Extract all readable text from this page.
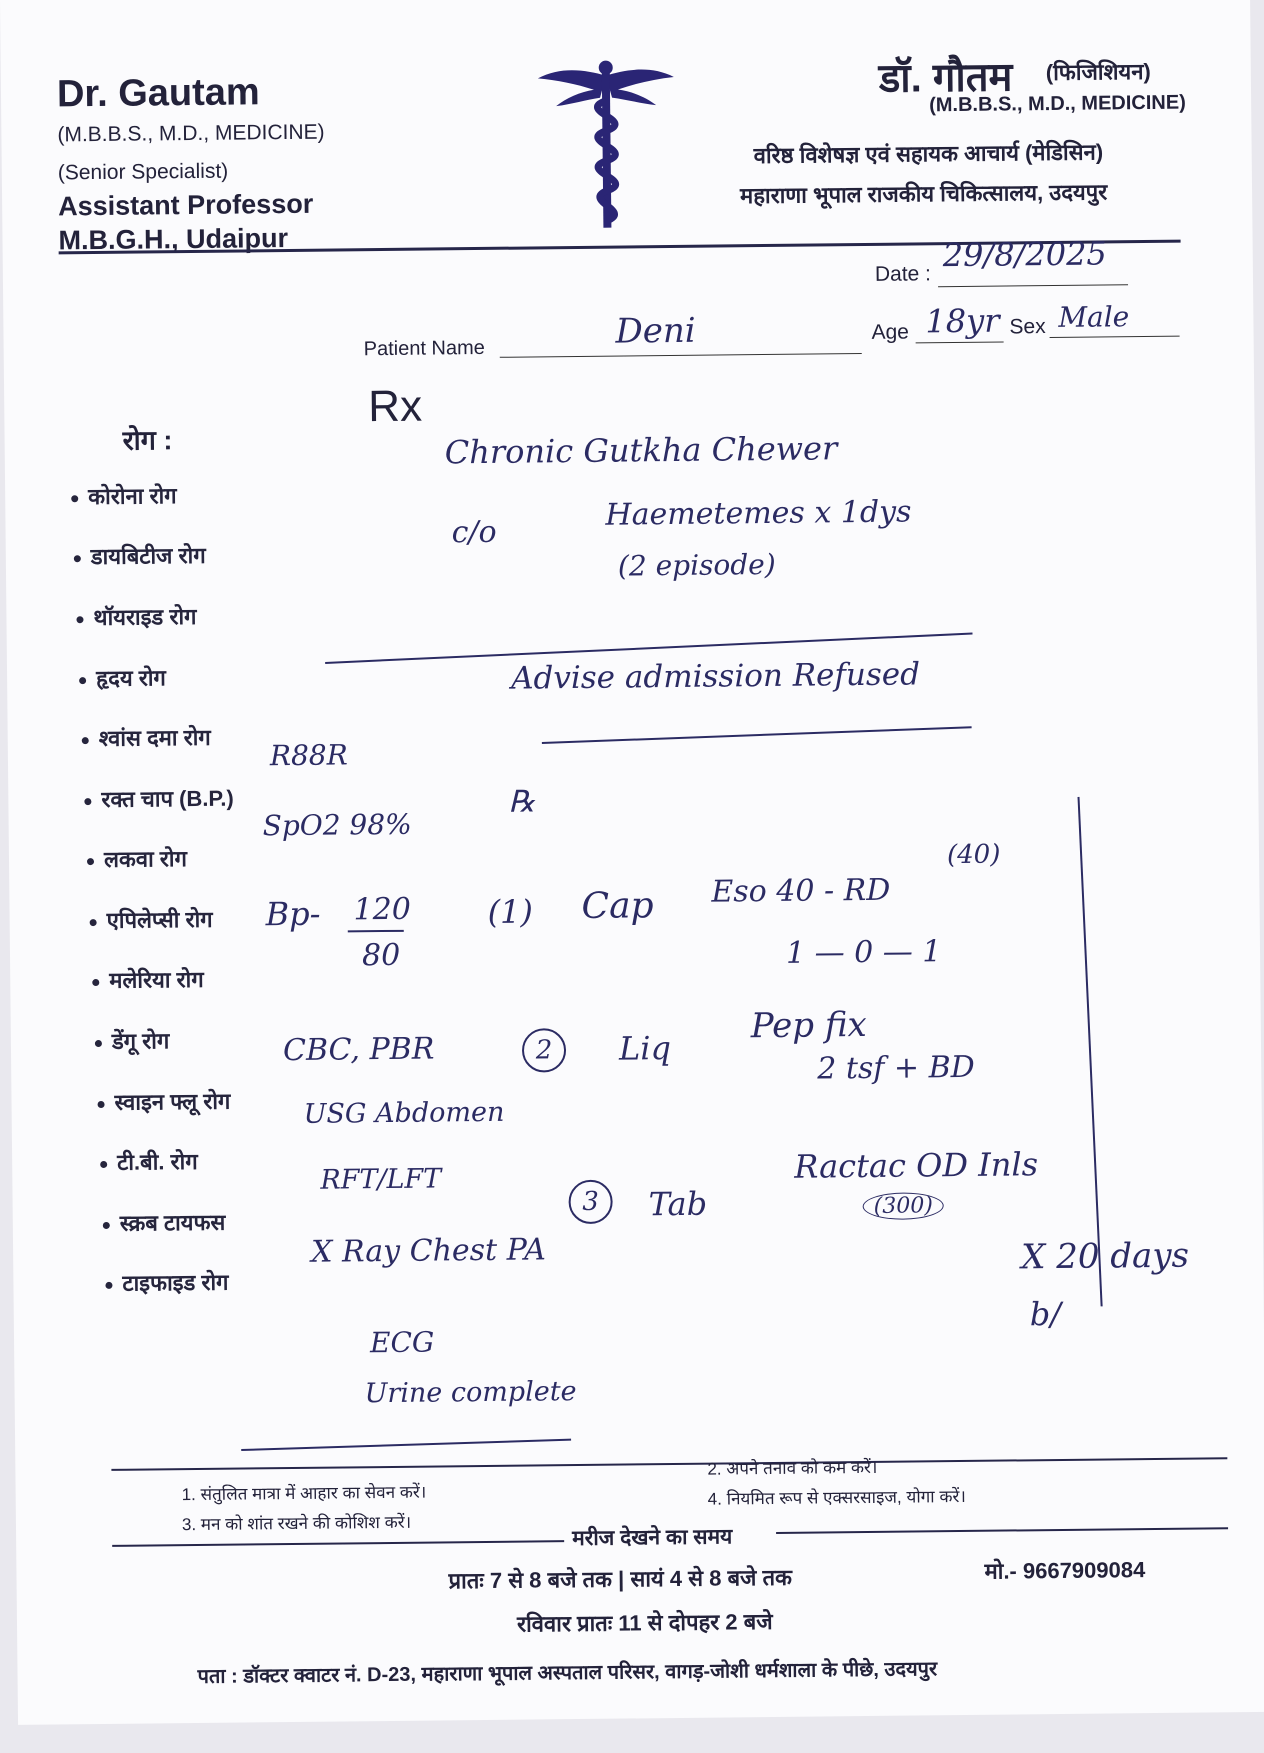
Dr. Gautam
(M.B.B.S., M.D., MEDICINE)
(Senior Specialist)
Assistant Professor
M.B.G.H., Udaipur
डॉ. गौतम (फिजिशियन)
(M.B.B.S., M.D., MEDICINE)
वरिष्ठ विशेषज्ञ एवं सहायक आचार्य (मेडिसिन)
महाराणा भूपाल राजकीय चिकित्सालय, उदयपुर
Date : 29/8/2025
Patient Name	Deni	Age 18yr Sex Male
Rx
रोग :
कोरोना रोग
डायबिटीज रोग
थॉयराइड रोग
हृदय रोग
श्वांस दमा रोग
रक्त चाप (B.P.)
लकवा रोग
एपिलेप्सी रोग
मलेरिया रोग
डेंगू रोग
स्वाइन फ्लू रोग
टी.बी. रोग
स्क्रब टायफस
टाइफाइड रोग
Chronic Gutkha Chewer
c/o	Haemetemes x 1dys
(2 episode)
Advise admission Refused
R88R
SpO2 98%
℞
Bp- 120
80
CBC, PBR
USG Abdomen
RFT/LFT
X Ray Chest PA
ECG
Urine complete
(1) Cap Eso 40 - RD
(40)
1 — 0 — 1
2	Liq
Pep fix
2 tsf + BD
3	Tab
Ractac OD Inls
(300)
X 20 days
b/
1. संतुलित मात्रा में आहार का सेवन करें।
2. अपने तनाव को कम करें।
3. मन को शांत रखने की कोशिश करें।
4. नियमित रूप से एक्सरसाइज, योगा करें।
मरीज देखने का समय
प्रातः 7 से 8 बजे तक | सायं 4 से 8 बजे तक	मो.- 9667909084
रविवार प्रातः 11 से दोपहर 2 बजे
पता : डॉक्टर क्वाटर नं. D-23, महाराणा भूपाल अस्पताल परिसर, वागड़-जोशी धर्मशाला के पीछे, उदयपुर
